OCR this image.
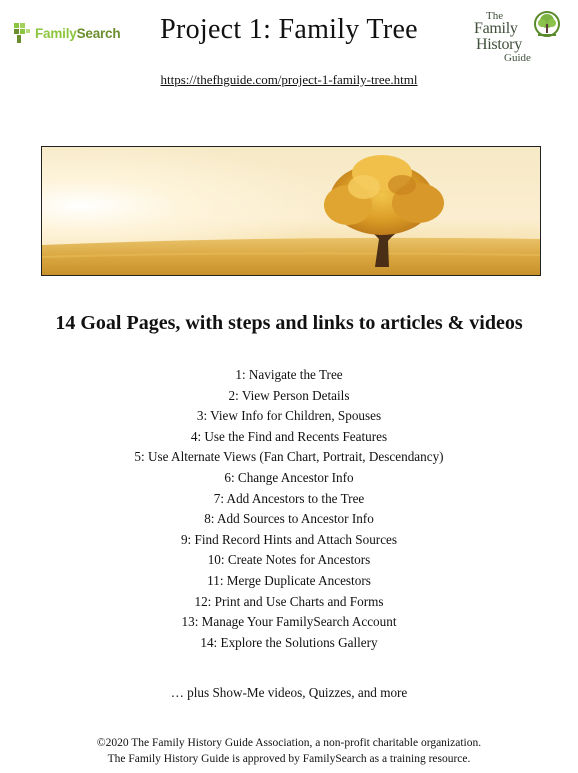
FamilySearch	Project 1: Family Tree	The
Family
History
Guide
https://thefhguide.com/project-1-family-tree.html
14 Goal Pages, with steps and links to articles & videos
1: Navigate the Tree
2: View Person Details
3: View Info for Children, Spouses
4: Use the Find and Recents Features
5: Use Alternate Views (Fan Chart, Portrait, Descendancy)
6: Change Ancestor Info
7: Add Ancestors to the Tree
8: Add Sources to Ancestor Info
9: Find Record Hints and Attach Sources
10: Create Notes for Ancestors
11: Merge Duplicate Ancestors
12: Print and Use Charts and Forms
13: Manage Your FamilySearch Account
14: Explore the Solutions Gallery
… plus Show-Me videos, Quizzes, and more
©2020 The Family History Guide Association, a non-profit charitable organization.
The Family History Guide is approved by FamilySearch as a training resource.
